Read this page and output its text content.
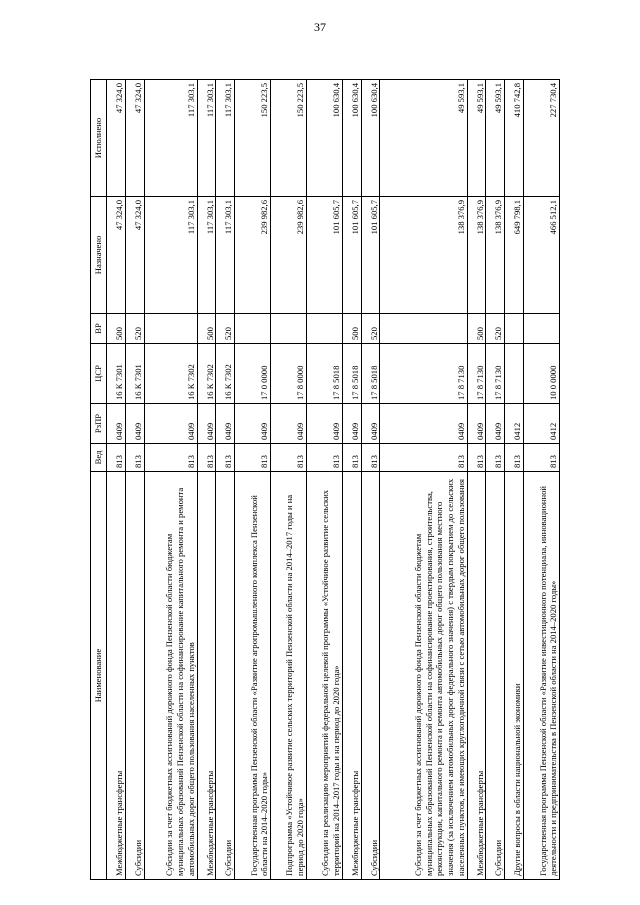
37
Наименование	Вед	РзПР	ЦСР	ВР	Назначено	Исполнено
Межбюджетные трансферты	813	0409	16 К 7301	500	47 324,0	47 324,0
Субсидии	813	0409	16 К 7301	520	47 324,0	47 324,0
Субсидии за счет бюджетных ассигнований дорожного фонда Пензенской области бюджетам муниципальных образований Пензенской области на софинансирование капитального ремонта и ремонта автомобильных дорог общего пользования населенных пунктов	813	0409	16 К 7302		117 303,1	117 303,1
Межбюджетные трансферты	813	0409	16 К 7302	500	117 303,1	117 303,1
Субсидии	813	0409	16 К 7302	520	117 303,1	117 303,1
Государственная программа Пензенской области «Развитие агропромышленного комплекса Пензенской области на 2014–2020 годы»	813	0409	17 0 0000		239 982,6	150 223,5
Подпрограмма «Устойчивое развитие сельских территорий Пензенской области на 2014–2017 годы и на период до 2020 года»	813	0409	17 8 0000		239 982,6	150 223,5
Субсидии на реализацию мероприятий федеральной целевой программы «Устойчивое развитие сельских территорий на 2014–2017 годы и на период до 2020 года»	813	0409	17 8 5018		101 605,7	100 630,4
Межбюджетные трансферты	813	0409	17 8 5018	500	101 605,7	100 630,4
Субсидии	813	0409	17 8 5018	520	101 605,7	100 630,4
Субсидии за счет бюджетных ассигнований дорожного фонда Пензенской области бюджетам муниципальных образований Пензенской области на софинансирование проектирования, строительства, реконструкции, капитального ремонта и ремонта автомобильных дорог общего пользования местного значения (за исключением автомобильных дорог федерального значения) с твердым покрытием до сельских населенных пунктов, не имеющих круглогодичной связи с сетью автомобильных дорог общего пользования	813	0409	17 8 7130		138 376,9	49 593,1
Межбюджетные трансферты	813	0409	17 8 7130	500	138 376,9	49 593,1
Субсидии	813	0409	17 8 7130	520	138 376,9	49 593,1
Другие вопросы в области национальной экономики	813	0412			649 798,1	410 742,8
Государственная программа Пензенской области «Развитие инвестиционного потенциала, инновационной деятельности и предпринимательства в Пензенской области на 2014–2020 годы»	813	0412	10 0 0000		466 512,1	227 730,4
